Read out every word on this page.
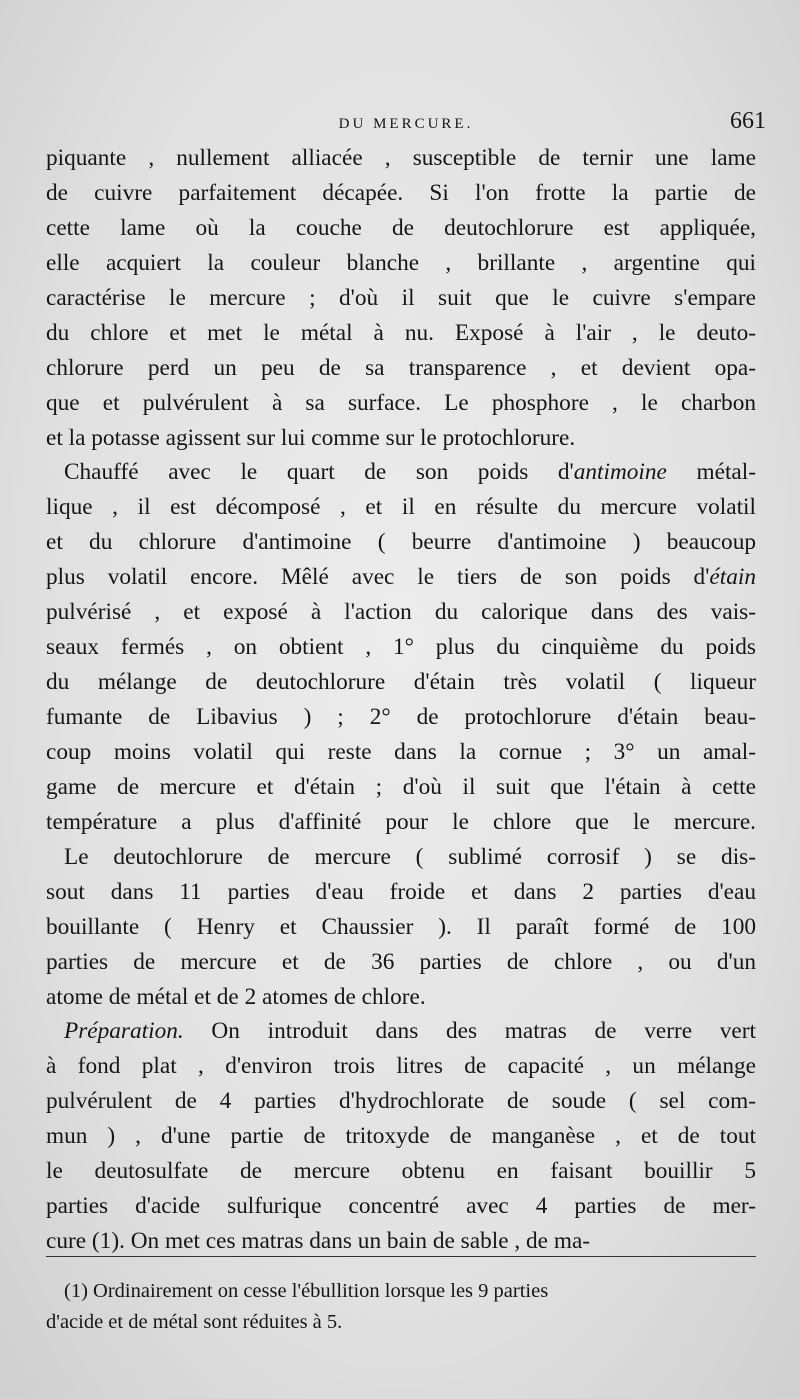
DU MERCURE.	661
piquante , nullement alliacée , susceptible de ternir une lame
de cuivre parfaitement décapée. Si l'on frotte la partie de
cette lame où la couche de deutochlorure est appliquée,
elle acquiert la couleur blanche , brillante , argentine qui
caractérise le mercure ; d'où il suit que le cuivre s'empare
du chlore et met le métal à nu. Exposé à l'air , le deuto-
chlorure perd un peu de sa transparence , et devient opa-
que et pulvérulent à sa surface. Le phosphore , le charbon
et la potasse agissent sur lui comme sur le protochlorure.
Chauffé avec le quart de son poids d'antimoine métal-
lique , il est décomposé , et il en résulte du mercure volatil
et du chlorure d'antimoine ( beurre d'antimoine ) beaucoup
plus volatil encore. Mêlé avec le tiers de son poids d'étain
pulvérisé , et exposé à l'action du calorique dans des vais-
seaux fermés , on obtient , 1° plus du cinquième du poids
du mélange de deutochlorure d'étain très volatil ( liqueur
fumante de Libavius ) ; 2° de protochlorure d'étain beau-
coup moins volatil qui reste dans la cornue ; 3° un amal-
game de mercure et d'étain ; d'où il suit que l'étain à cette
température a plus d'affinité pour le chlore que le mercure.
Le deutochlorure de mercure ( sublimé corrosif ) se dis-
sout dans 11 parties d'eau froide et dans 2 parties d'eau
bouillante ( Henry et Chaussier ). Il paraît formé de 100
parties de mercure et de 36 parties de chlore , ou d'un
atome de métal et de 2 atomes de chlore.
Préparation. On introduit dans des matras de verre vert
à fond plat , d'environ trois litres de capacité , un mélange
pulvérulent de 4 parties d'hydrochlorate de soude ( sel com-
mun ) , d'une partie de tritoxyde de manganèse , et de tout
le deutosulfate de mercure obtenu en faisant bouillir 5
parties d'acide sulfurique concentré avec 4 parties de mer-
cure (1). On met ces matras dans un bain de sable , de ma-
(1) Ordinairement on cesse l'ébullition lorsque les 9 parties
d'acide et de métal sont réduites à 5.
